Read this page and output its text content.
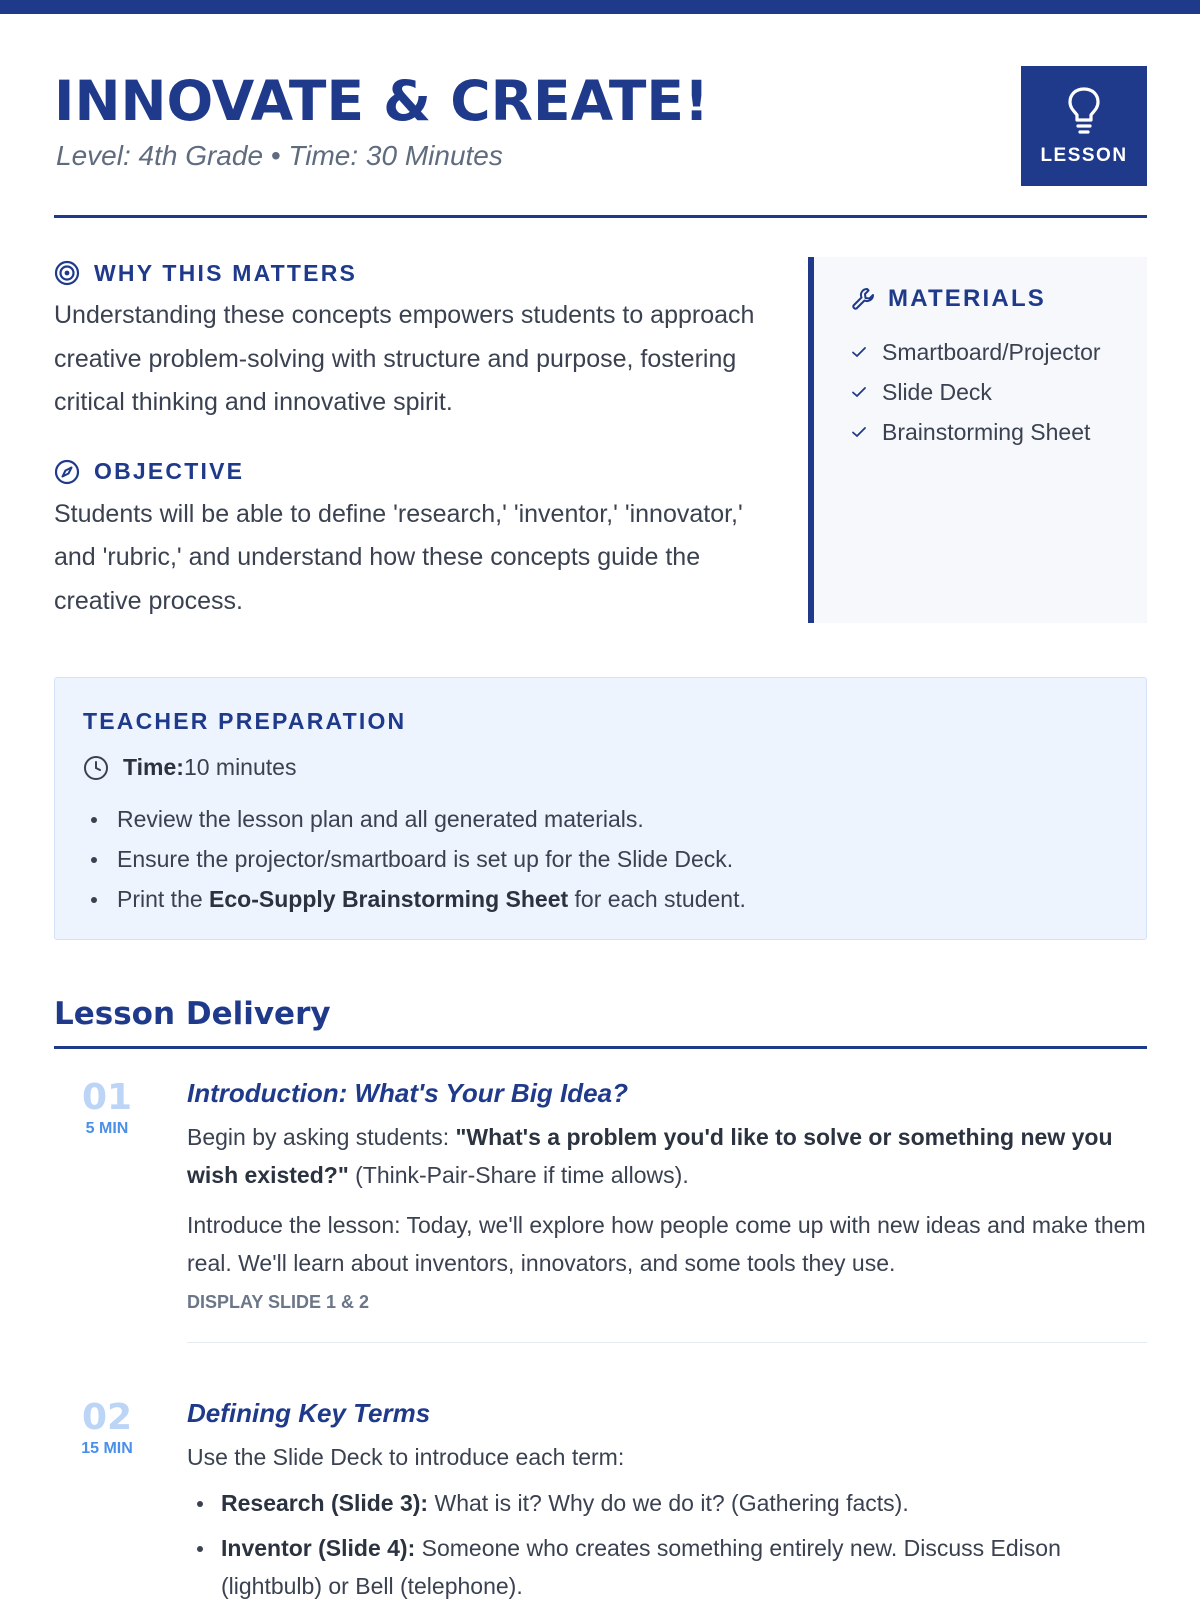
INNOVATE & CREATE!
Level: 4th Grade • Time: 30 Minutes	LESSON
WHY THIS MATTERS

Understanding these concepts empowers students to approach creative problem-solving with structure and purpose, fostering critical thinking and innovative spirit.

OBJECTIVE

Students will be able to define 'research,' 'inventor,' 'innovator,' and 'rubric,' and understand how these concepts guide the creative process.

MATERIALS
Smartboard/Projector
Slide Deck
Brainstorming Sheet
TEACHER PREPARATION
Time: 10 minutes
Review the lesson plan and all generated materials.
Ensure the projector/smartboard is set up for the Slide Deck.
Print the Eco-Supply Brainstorming Sheet for each student.
Lesson Delivery
01
5 MIN
Introduction: What's Your Big Idea?

Begin by asking students: "What's a problem you'd like to solve or something new you wish existed?" (Think-Pair-Share if time allows).

Introduce the lesson: Today, we'll explore how people come up with new ideas and make them real. We'll learn about inventors, innovators, and some tools they use.

DISPLAY SLIDE 1 & 2
02
15 MIN
Defining Key Terms

Use the Slide Deck to introduce each term:

Research (Slide 3): What is it? Why do we do it? (Gathering facts).
Inventor (Slide 4): Someone who creates something entirely new. Discuss Edison (lightbulb) or Bell (telephone).
